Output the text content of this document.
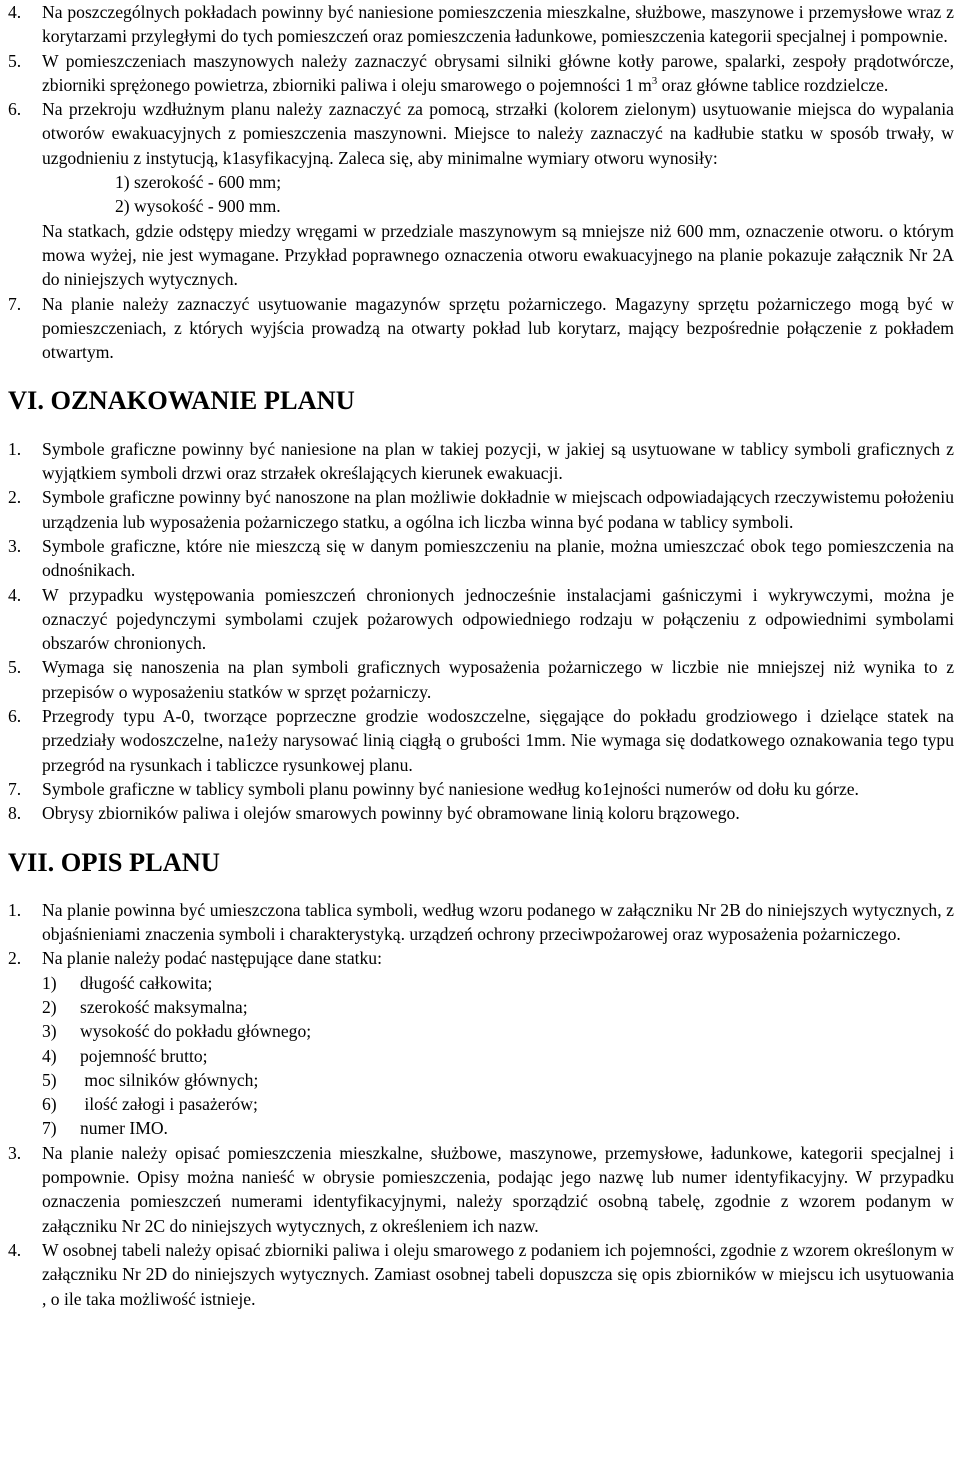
4.	Na poszczególnych pokładach powinny być naniesione pomieszczenia mieszkalne, służbowe, maszynowe i przemysłowe wraz z korytarzami przyległymi do tych pomieszczeń oraz pomieszczenia ładunkowe, pomieszczenia kategorii specjalnej i pompownie.

5.	W pomieszczeniach maszynowych należy zaznaczyć obrysami silniki główne kotły parowe, spalarki, zespoły prądotwórcze, zbiorniki sprężonego powietrza, zbiorniki paliwa i oleju smarowego o pojemności 1 $m^3$ oraz główne tablice rozdzielcze.

6.	Na przekroju wzdłużnym planu należy zaznaczyć za pomocą, strzałki (kolorem zielonym) usytuowanie miejsca do wypalania otworów ewakuacyjnych z pomieszczenia maszynowni. Miejsce to należy zaznaczyć na kadłubie statku w sposób trwały, w uzgodnieniu z instytucją, k1asyfikacyjną. Zaleca się, aby minimalne wymiary otworu wynosiły:

1) szerokość - 600 mm;
2) wysokość - 900 mm.

Na statkach, gdzie odstępy miedzy wręgami w przedziale maszynowym są mniejsze niż 600 mm, oznaczenie otworu. o którym mowa wyżej, nie jest wymagane. Przykład poprawnego oznaczenia otworu ewakuacyjnego na planie pokazuje załącznik Nr 2A do niniejszych wytycznych.

7.	Na planie należy zaznaczyć usytuowanie magazynów sprzętu pożarniczego. Magazyny sprzętu pożarniczego mogą być w pomieszczeniach, z których wyjścia prowadzą na otwarty pokład lub korytarz, mający bezpośrednie połączenie z pokładem otwartym.

VI. OZNAKOWANIE PLANU
1.	Symbole graficzne powinny być naniesione na plan w takiej pozycji, w jakiej są usytuowane w tablicy symboli graficznych z wyjątkiem symboli drzwi oraz strzałek określających kierunek ewakuacji.

2.	Symbole graficzne powinny być nanoszone na plan możliwie dokładnie w miejscach odpowiadających rzeczywistemu położeniu urządzenia lub wyposażenia pożarniczego statku, a ogólna ich liczba winna być podana w tablicy symboli.

3.	Symbole graficzne, które nie mieszczą się w danym pomieszczeniu na planie, można umieszczać obok tego pomieszczenia na odnośnikach.

4.	W przypadku występowania pomieszczeń chronionych jednocześnie instalacjami gaśniczymi i wykrywczymi, można je oznaczyć pojedynczymi symbolami czujek pożarowych odpowiedniego rodzaju w połączeniu z odpowiednimi symbolami obszarów chronionych.

5.	Wymaga się nanoszenia na plan symboli graficznych wyposażenia pożarniczego w liczbie nie mniejszej niż wynika to z przepisów o wyposażeniu statków w sprzęt pożarniczy.

6.	Przegrody typu A-0, tworzące poprzeczne grodzie wodoszczelne, sięgające do pokładu grodziowego i dzielące statek na przedziały wodoszczelne, na1eży narysować linią ciągłą o grubości 1mm. Nie wymaga się dodatkowego oznakowania tego typu przegród na rysunkach i tabliczce rysunkowej planu.

7.	Symbole graficzne w tablicy symboli planu powinny być naniesione według ko1ejności numerów od dołu ku górze.

8.	Obrysy zbiorników paliwa i olejów smarowych powinny być obramowane linią koloru brązowego.

VII. OPIS PLANU
1.	Na planie powinna być umieszczona tablica symboli, według wzoru podanego w załączniku Nr 2B do niniejszych wytycznych, z objaśnieniami znaczenia symboli i charakterystyką. urządzeń ochrony przeciwpożarowej oraz wyposażenia pożarniczego.

2.	Na planie należy podać następujące dane statku:

1)	długość całkowita;
2)	szerokość maksymalna;
3)	wysokość do pokładu głównego;
4)	pojemność brutto;
5)	moc silników głównych;
6)	ilość załogi i pasażerów;
7)	numer IMO.
3.	Na planie należy opisać pomieszczenia mieszkalne, służbowe, maszynowe, przemysłowe, ładunkowe, kategorii specjalnej i pompownie. Opisy można nanieść w obrysie pomieszczenia, podając jego nazwę lub numer identyfikacyjny. W przypadku oznaczenia pomieszczeń numerami identyfikacyjnymi, należy sporządzić osobną tabelę, zgodnie z wzorem podanym w załączniku Nr 2C do niniejszych wytycznych, z określeniem ich nazw.

4.	W osobnej tabeli należy opisać zbiorniki paliwa i oleju smarowego z podaniem ich pojemności, zgodnie z wzorem określonym w załączniku Nr 2D do niniejszych wytycznych. Zamiast osobnej tabeli dopuszcza się opis zbiorników w miejscu ich usytuowania , o ile taka możliwość istnieje.
